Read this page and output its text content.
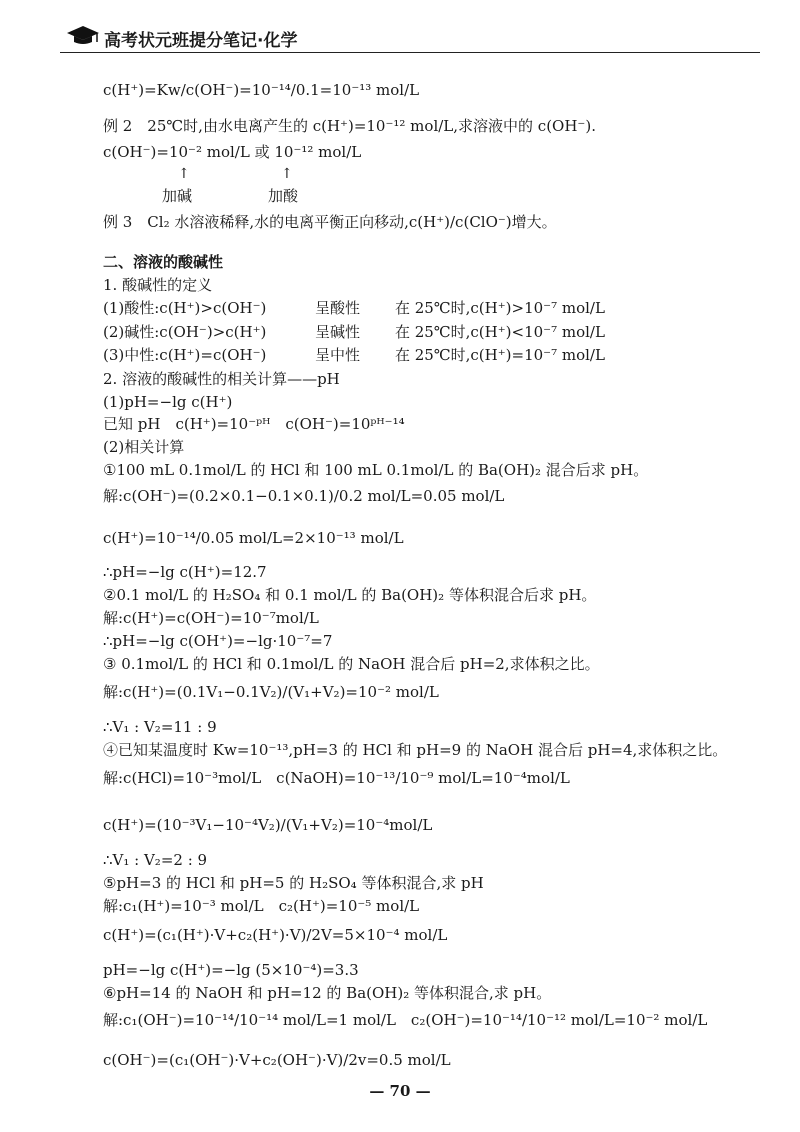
高考状元班提分笔记·化学
c(H⁺)=Kw/c(OH⁻)=10⁻¹⁴/0.1=10⁻¹³ mol/L
例 2　25℃时,由水电离产生的 c(H⁺)=10⁻¹² mol/L,求溶液中的 c(OH⁻).
c(OH⁻)=10⁻² mol/L 或 10⁻¹² mol/L
例 3　Cl₂ 水溶液稀释,水的电离平衡正向移动,c(H⁺)/c(ClO⁻)增大。
二、溶液的酸碱性
1. 酸碱性的定义
2. 溶液的酸碱性的相关计算——pH
(1)pH=−lg c(H⁺)
已知 pH　c(H⁺)=10⁻ᵖᴴ　c(OH⁻)=10ᵖᴴ⁻¹⁴
(2)相关计算
①100 mL 0.1mol/L 的 HCl 和 100 mL 0.1mol/L 的 Ba(OH)₂ 混合后求 pH。
解:c(OH⁻)=(0.2×0.1−0.1×0.1)/0.2 mol/L=0.05 mol/L
c(H⁺)=10⁻¹⁴/0.05 mol/L=2×10⁻¹³ mol/L
∴pH=−lg c(H⁺)=12.7
②0.1 mol/L 的 H₂SO₄ 和 0.1 mol/L 的 Ba(OH)₂ 等体积混合后求 pH。
解:c(H⁺)=c(OH⁻)=10⁻⁷mol/L
∴pH=−lg c(OH⁺)=−lg·10⁻⁷=7
③ 0.1mol/L 的 HCl 和 0.1mol/L 的 NaOH 混合后 pH=2,求体积之比。
解:c(H⁺)=(0.1V₁−0.1V₂)/(V₁+V₂)=10⁻² mol/L
∴V₁ : V₂=11 : 9
④已知某温度时 Kw=10⁻¹³,pH=3 的 HCl 和 pH=9 的 NaOH 混合后 pH=4,求体积之比。
解:c(HCl)=10⁻³mol/L　c(NaOH)=10⁻¹³/10⁻⁹ mol/L=10⁻⁴mol/L
c(H⁺)=(10⁻³V₁−10⁻⁴V₂)/(V₁+V₂)=10⁻⁴mol/L
∴V₁ : V₂=2 : 9
⑤pH=3 的 HCl 和 pH=5 的 H₂SO₄ 等体积混合,求 pH
解:c₁(H⁺)=10⁻³ mol/L　c₂(H⁺)=10⁻⁵ mol/L
c(H⁺)=(c₁(H⁺)·V+c₂(H⁺)·V)/2V=5×10⁻⁴ mol/L
pH=−lg c(H⁺)=−lg (5×10⁻⁴)=3.3
⑥pH=14 的 NaOH 和 pH=12 的 Ba(OH)₂ 等体积混合,求 pH。
解:c₁(OH⁻)=10⁻¹⁴/10⁻¹⁴ mol/L=1 mol/L　c₂(OH⁻)=10⁻¹⁴/10⁻¹² mol/L=10⁻² mol/L
c(OH⁻)=(c₁(OH⁻)·V+c₂(OH⁻)·V)/2v=0.5 mol/L
↑	↑
加碱	加酸
(1)酸性:c(H⁺)>c(OH⁻)	呈酸性 在 25℃时,c(H⁺)>10⁻⁷ mol/L
(2)碱性:c(OH⁻)>c(H⁺)	呈碱性 在 25℃时,c(H⁺)<10⁻⁷ mol/L
(3)中性:c(H⁺)=c(OH⁻)	呈中性 在 25℃时,c(H⁺)=10⁻⁷ mol/L
— 70 —
